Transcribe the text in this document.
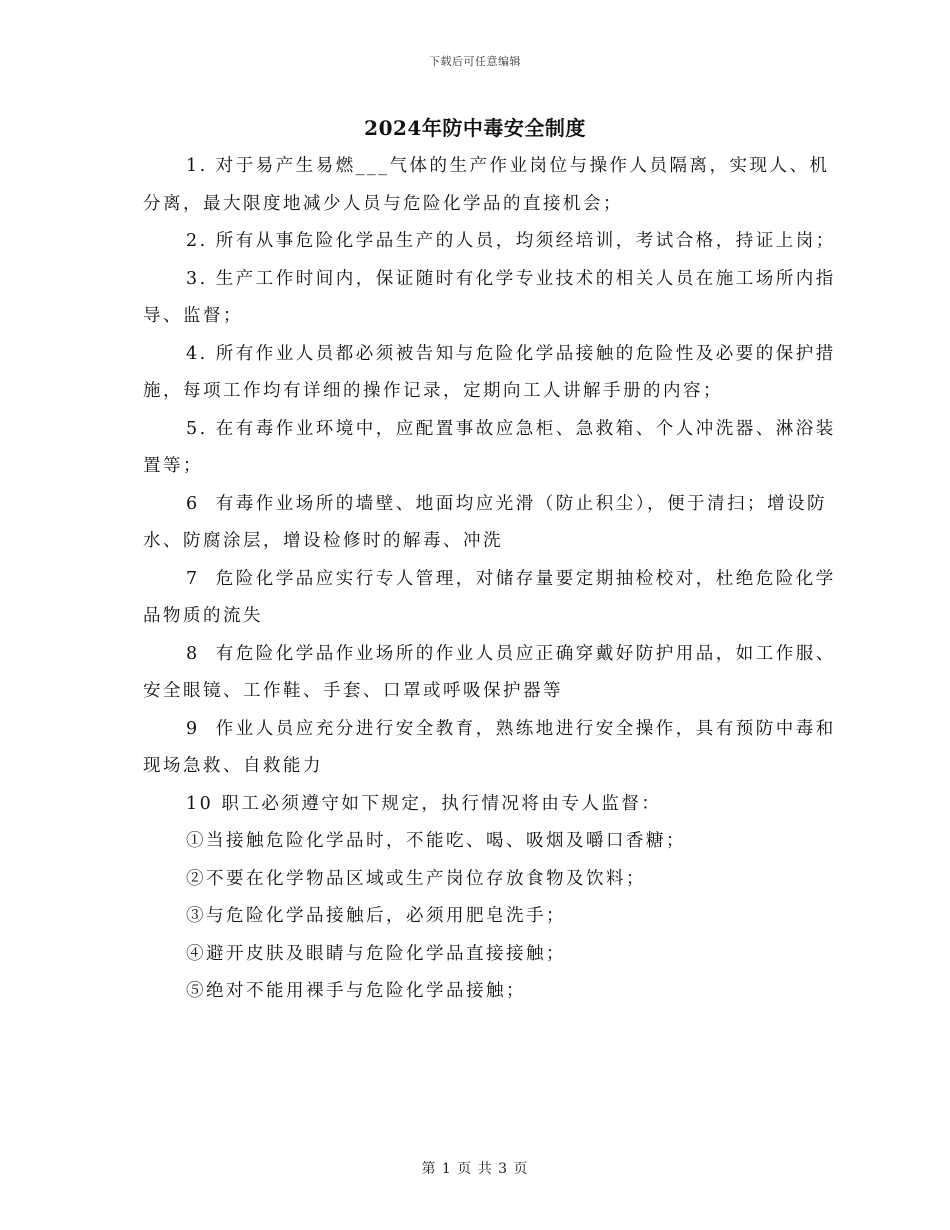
下载后可任意编辑
2024年防中毒安全制度

1. 对于易产生易燃___气体的生产作业岗位与操作人员隔离，实现人、机分离，最大限度地减少人员与危险化学品的直接机会；

2. 所有从事危险化学品生产的人员，均须经培训，考试合格，持证上岗；

3. 生产工作时间内，保证随时有化学专业技术的相关人员在施工场所内指导、监督；

4. 所有作业人员都必须被告知与危险化学品接触的危险性及必要的保护措施，每项工作均有详细的操作记录，定期向工人讲解手册的内容；

5. 在有毒作业环境中，应配置事故应急柜、急救箱、个人冲洗器、淋浴装置等；

6  有毒作业场所的墙壁、地面均应光滑（防止积尘），便于清扫；增设防水、防腐涂层，增设检修时的解毒、冲洗

7  危险化学品应实行专人管理，对储存量要定期抽检校对，杜绝危险化学品物质的流失

8  有危险化学品作业场所的作业人员应正确穿戴好防护用品，如工作服、安全眼镜、工作鞋、手套、口罩或呼吸保护器等

9  作业人员应充分进行安全教育，熟练地进行安全操作，具有预防中毒和现场急救、自救能力

10 职工必须遵守如下规定，执行情况将由专人监督：

①当接触危险化学品时，不能吃、喝、吸烟及嚼口香糖；

②不要在化学物品区域或生产岗位存放食物及饮料；

③与危险化学品接触后，必须用肥皂洗手；

④避开皮肤及眼睛与危险化学品直接接触；

⑤绝对不能用裸手与危险化学品接触；

第 1 页 共 3 页
